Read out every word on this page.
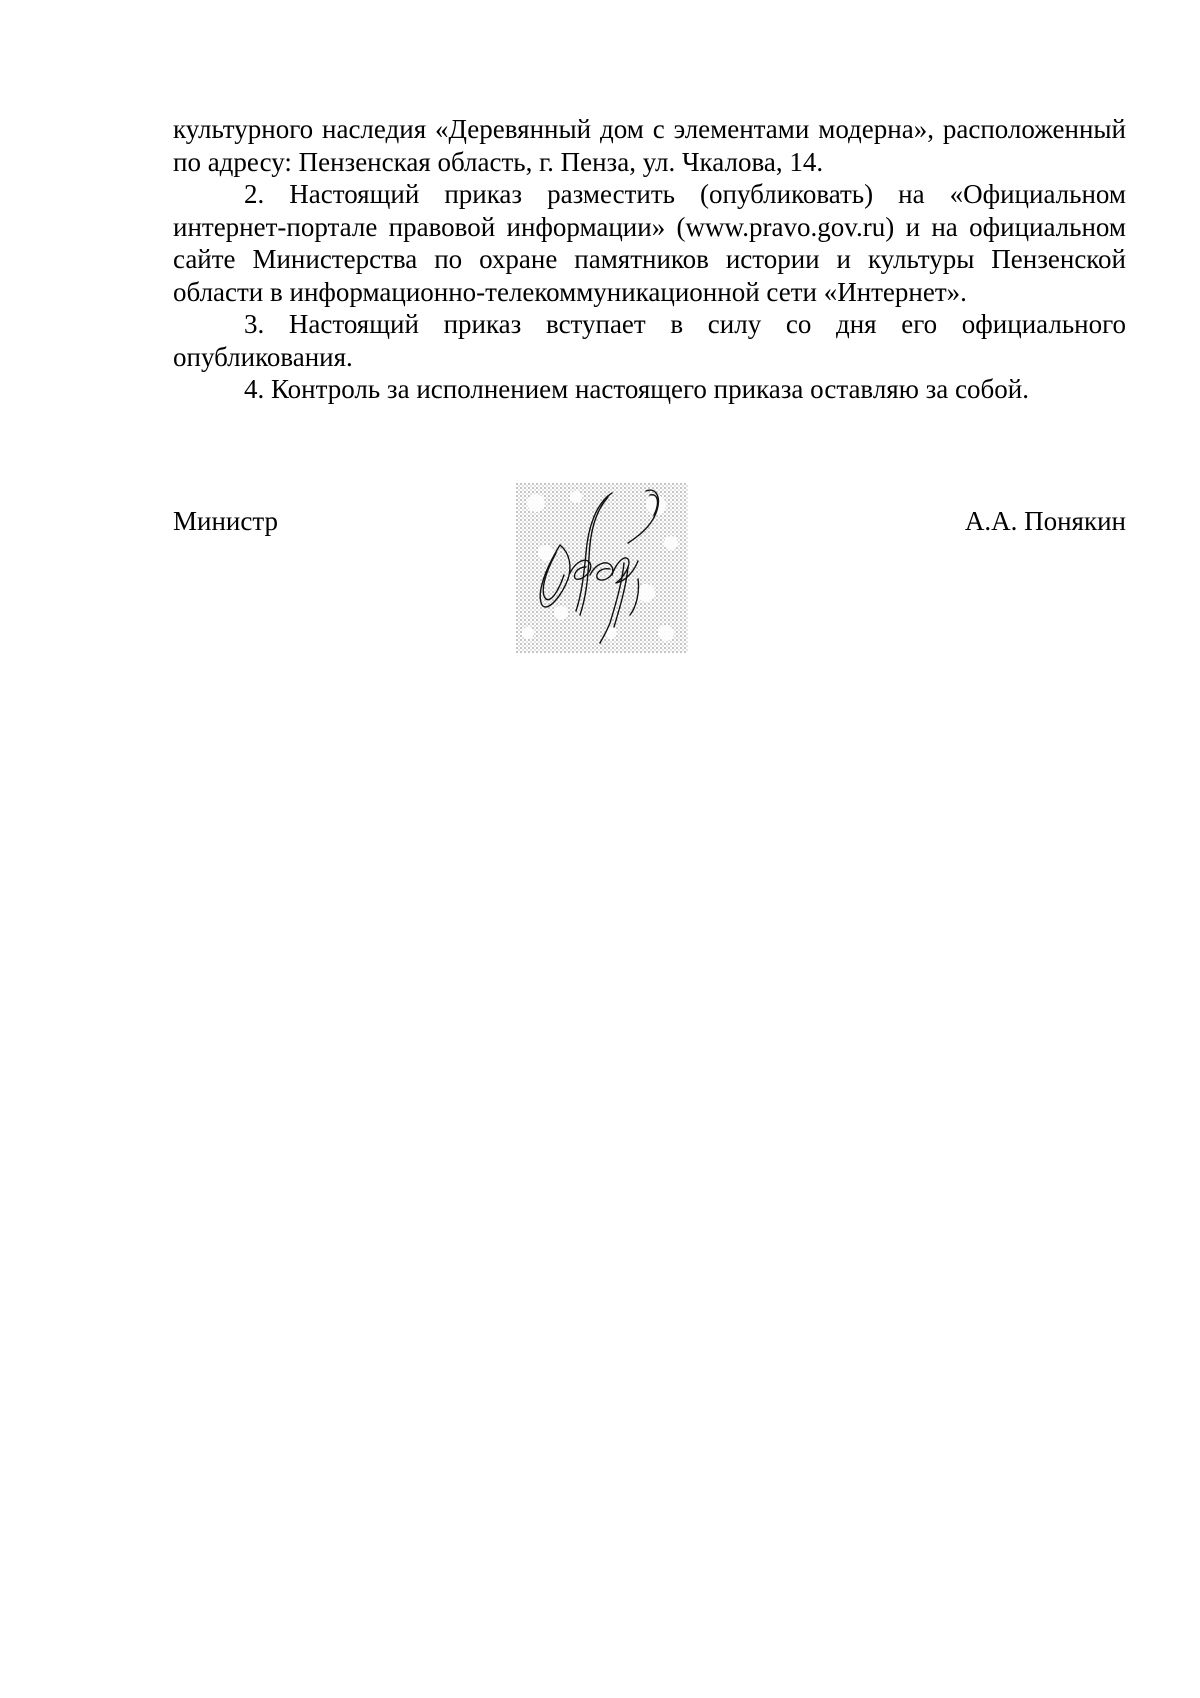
культурного наследия «Деревянный дом с элементами модерна», расположенный по адресу: Пензенская область, г. Пенза, ул. Чкалова, 14.

2. Настоящий приказ разместить (опубликовать) на «Официальном интернет-портале правовой информации» (www.pravo.gov.ru) и на официальном сайте Министерства по охране памятников истории и культуры Пензенской области в информационно-телекоммуникационной сети «Интернет».

3. Настоящий приказ вступает в силу со дня его официального опубликования.

4. Контроль за исполнением настоящего приказа оставляю за собой.

Министр	А.А. Понякин
